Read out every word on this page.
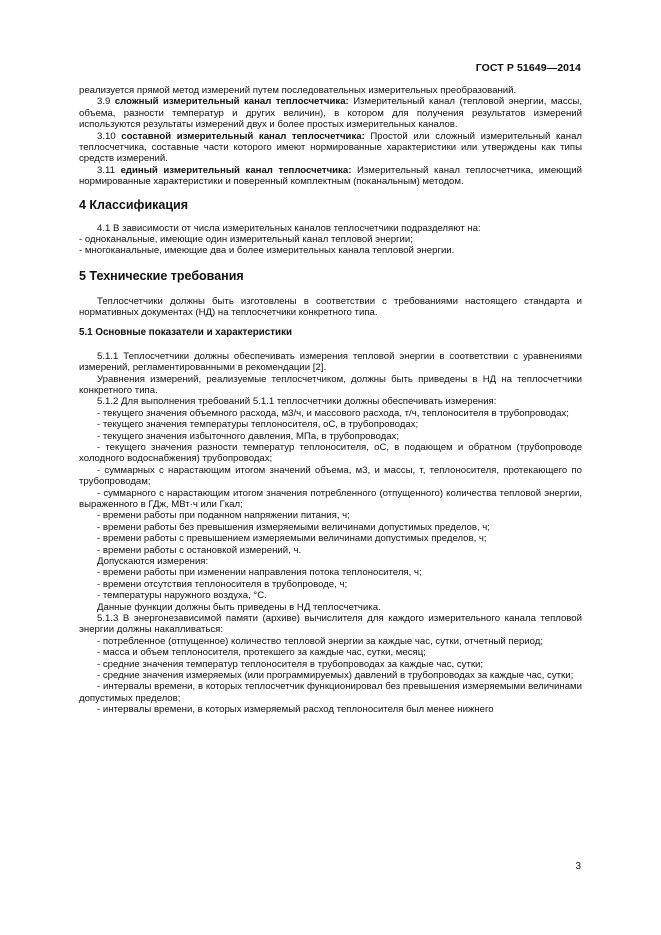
ГОСТ Р 51649—2014

реализуется прямой метод измерений путем последовательных измерительных преобразований.

3.9 сложный измерительный канал теплосчетчика: Измерительный канал (тепловой энергии, массы, объема, разности температур и других величин), в котором для получения результатов измерений используются результаты измерений двух и более простых измерительных каналов.

3.10 составной измерительный канал теплосчетчика: Простой или сложный измерительный канал теплосчетчика, составные части которого имеют нормированные характеристики или утверждены как типы средств измерений.

3.11 единый измерительный канал теплосчетчика: Измерительный канал теплосчетчика, имеющий нормированные характеристики и поверенный комплектным (поканальным) методом.

4 Классификация

4.1 В зависимости от числа измерительных каналов теплосчетчики подразделяют на:

- одноканальные, имеющие один измерительный канал тепловой энергии;

- многоканальные, имеющие два и более измерительных канала тепловой энергии.

5 Технические требования

Теплосчетчики должны быть изготовлены в соответствии с требованиями настоящего стандарта и нормативных документах (НД) на теплосчетчики конкретного типа.

5.1 Основные показатели и характеристики

5.1.1 Теплосчетчики должны обеспечивать измерения тепловой энергии в соответствии с уравнениями измерений, регламентированными в рекомендации [2].

Уравнения измерений, реализуемые теплосчетчиком, должны быть приведены в НД на теплосчетчики конкретного типа.

5.1.2 Для выполнения требований 5.1.1 теплосчетчики должны обеспечивать измерения:

- текущего значения объемного расхода, м3/ч, и массового расхода, т/ч, теплоносителя в трубопроводах;

- текущего значения температуры теплоносителя, оС, в трубопроводах;

- текущего значения избыточного давления, МПа, в трубопроводах;

- текущего значения разности температур теплоносителя, оС, в подающем и обратном (трубопроводе холодного водоснабжения) трубопроводах;

- суммарных с нарастающим итогом значений объема, м3, и массы, т, теплоносителя, протекающего по трубопроводам;

- суммарного с нарастающим итогом значения потребленного (отпущенного) количества тепловой энергии, выраженного в ГДж, МВт·ч или Гкал;

- времени работы при поданном напряжении питания, ч;

- времени работы без превышения измеряемыми величинами допустимых пределов, ч;

- времени работы с превышением измеряемыми величинами допустимых пределов, ч;

- времени работы с остановкой измерений, ч.

Допускаются измерения:

- времени работы при изменении направления потока теплоносителя, ч;

- времени отсутствия теплоносителя в трубопроводе, ч;

- температуры наружного воздуха, °С.

Данные функции должны быть приведены в НД теплосчетчика.

5.1.3 В энергонезависимой памяти (архиве) вычислителя для каждого измерительного канала тепловой энергии должны накапливаться:

- потребленное (отпущенное) количество тепловой энергии за каждые час, сутки, отчетный период;

- масса и объем теплоносителя, протекшего за каждые час, сутки, месяц;

- средние значения температур теплоносителя в трубопроводах за каждые час, сутки;

- средние значения измеряемых (или программируемых) давлений в трубопроводах за каждые час, сутки;

- интервалы времени, в которых теплосчетчик функционировал без превышения измеряемыми величинами допустимых пределов;

- интервалы времени, в которых измеряемый расход теплоносителя был менее нижнего

3
